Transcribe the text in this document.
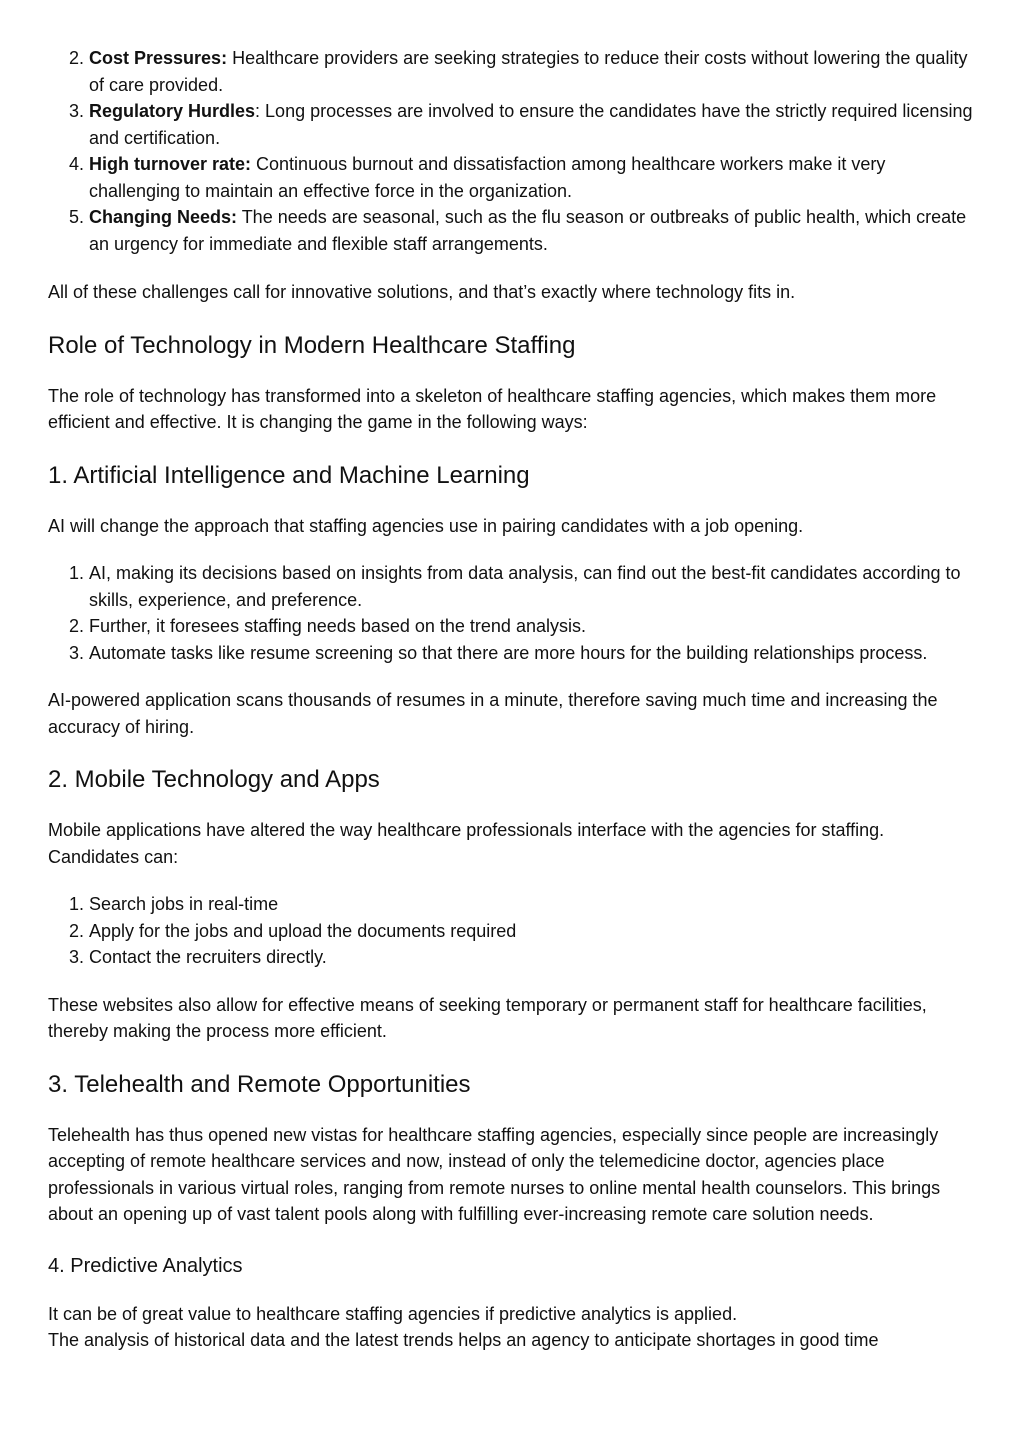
2. Cost Pressures: Healthcare providers are seeking strategies to reduce their costs without lowering the quality of care provided.
3. Regulatory Hurdles: Long processes are involved to ensure the candidates have the strictly required licensing and certification.
4. High turnover rate: Continuous burnout and dissatisfaction among healthcare workers make it very challenging to maintain an effective force in the organization.
5. Changing Needs: The needs are seasonal, such as the flu season or outbreaks of public health, which create an urgency for immediate and flexible staff arrangements.

All of these challenges call for innovative solutions, and that’s exactly where technology fits in.

Role of Technology in Modern Healthcare Staffing

The role of technology has transformed into a skeleton of healthcare staffing agencies, which makes them more efficient and effective. It is changing the game in the following ways:

1. Artificial Intelligence and Machine Learning

AI will change the approach that staffing agencies use in pairing candidates with a job opening.

1. AI, making its decisions based on insights from data analysis, can find out the best-fit candidates according to skills, experience, and preference.
2. Further, it foresees staffing needs based on the trend analysis.
3. Automate tasks like resume screening so that there are more hours for the building relationships process.

AI-powered application scans thousands of resumes in a minute, therefore saving much time and increasing the accuracy of hiring.

2. Mobile Technology and Apps

Mobile applications have altered the way healthcare professionals interface with the agencies for staffing. Candidates can:

1. Search jobs in real-time
2. Apply for the jobs and upload the documents required
3. Contact the recruiters directly.

These websites also allow for effective means of seeking temporary or permanent staff for healthcare facilities, thereby making the process more efficient.

3. Telehealth and Remote Opportunities

Telehealth has thus opened new vistas for healthcare staffing agencies, especially since people are increasingly accepting of remote healthcare services and now, instead of only the telemedicine doctor, agencies place professionals in various virtual roles, ranging from remote nurses to online mental health counselors. This brings about an opening up of vast talent pools along with fulfilling ever-increasing remote care solution needs.

4. Predictive Analytics

It can be of great value to healthcare staffing agencies if predictive analytics is applied.

The analysis of historical data and the latest trends helps an agency to anticipate shortages in good time
